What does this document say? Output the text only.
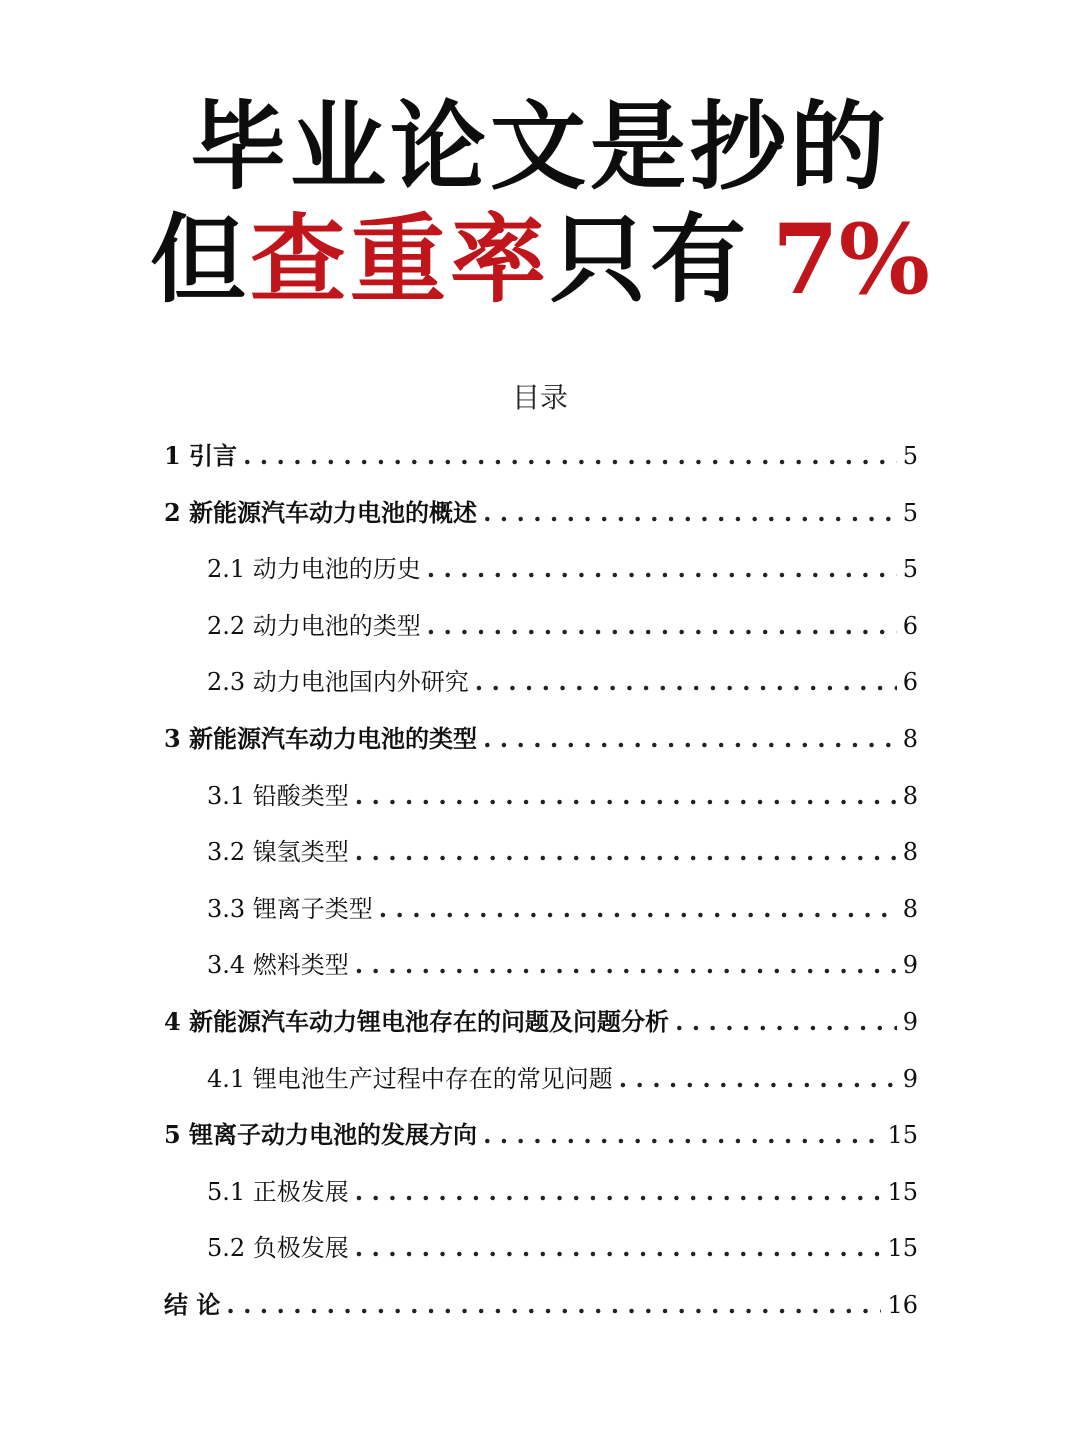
毕业论文是抄的
但查重率只有 7%
目录
1 引言 . . .	5
2 新能源汽车动力电池的概述 . . .	5
2.1 动力电池的历史 . . .	5
2.2 动力电池的类型 . . .	6
2.3 动力电池国内外研究 . . .	6
3 新能源汽车动力电池的类型 . . .	8
3.1 铅酸类型 . . .	8
3.2 镍氢类型 . . .	8
3.3 锂离子类型 . . .	8
3.4 燃料类型 . . .	9
4 新能源汽车动力锂电池存在的问题及问题分析 . . .	9
4.1 锂电池生产过程中存在的常见问题 . . .	9
5 锂离子动力电池的发展方向 . . .	15
5.1 正极发展 . . .	15
5.2 负极发展 . . .	15
结 论 . . .	16
